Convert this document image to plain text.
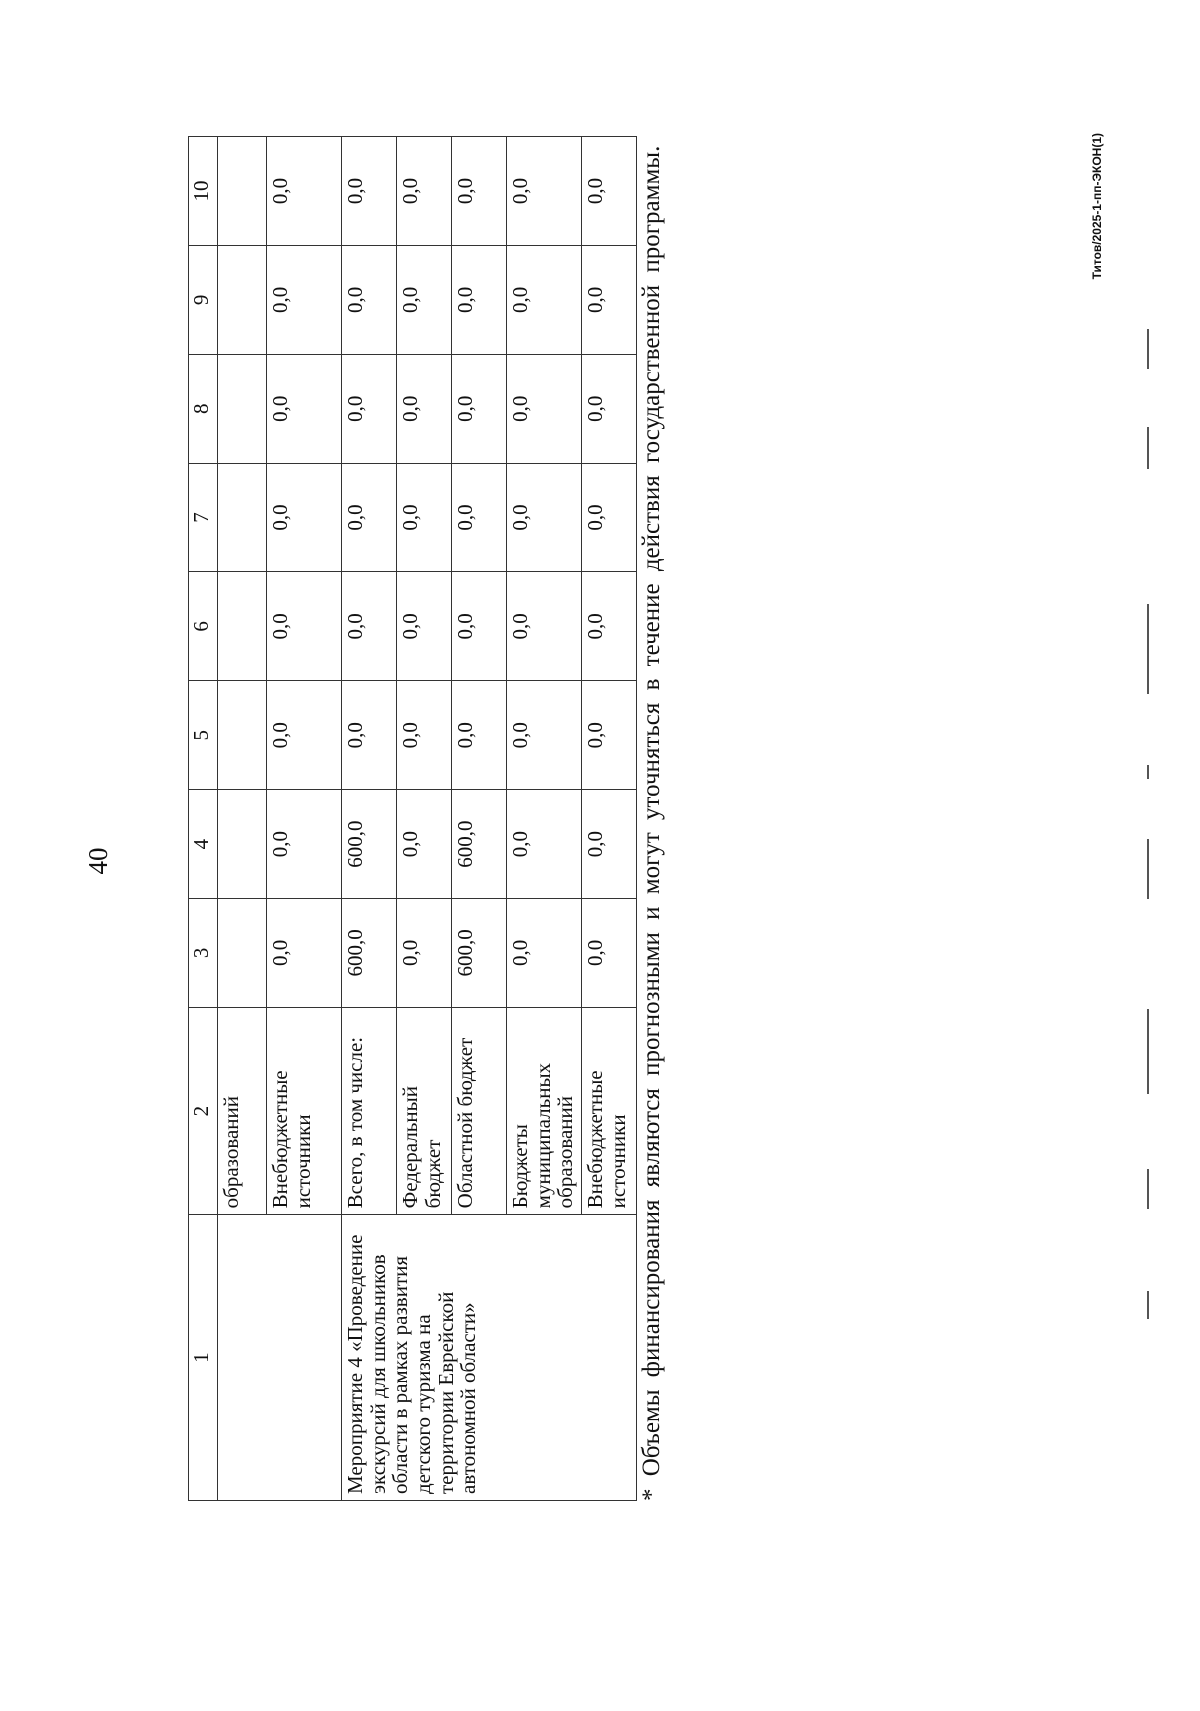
40
1	2	3	4	5	6	7	8	9	10
	образований								
	Внебюджетные источники	0,0	0,0	0,0	0,0	0,0	0,0	0,0	0,0
Мероприятие 4 «Проведение экскурсий для школьников области в рамках развития детского туризма на территории Еврейской автономной области»	Всего, в том числе:	600,0	600,0	0,0	0,0	0,0	0,0	0,0	0,0
	Федеральный бюджет	0,0	0,0	0,0	0,0	0,0	0,0	0,0	0,0
	Областной бюджет	600,0	600,0	0,0	0,0	0,0	0,0	0,0	0,0
	Бюджеты муниципальных образований	0,0	0,0	0,0	0,0	0,0	0,0	0,0	0,0
	Внебюджетные источники	0,0	0,0	0,0	0,0	0,0	0,0	0,0	0,0 * Объемы финансирования являются прогнозными и могут уточняться в течение действия государственной программы.	Титов/2025-1-пп-ЭКОН(1)
